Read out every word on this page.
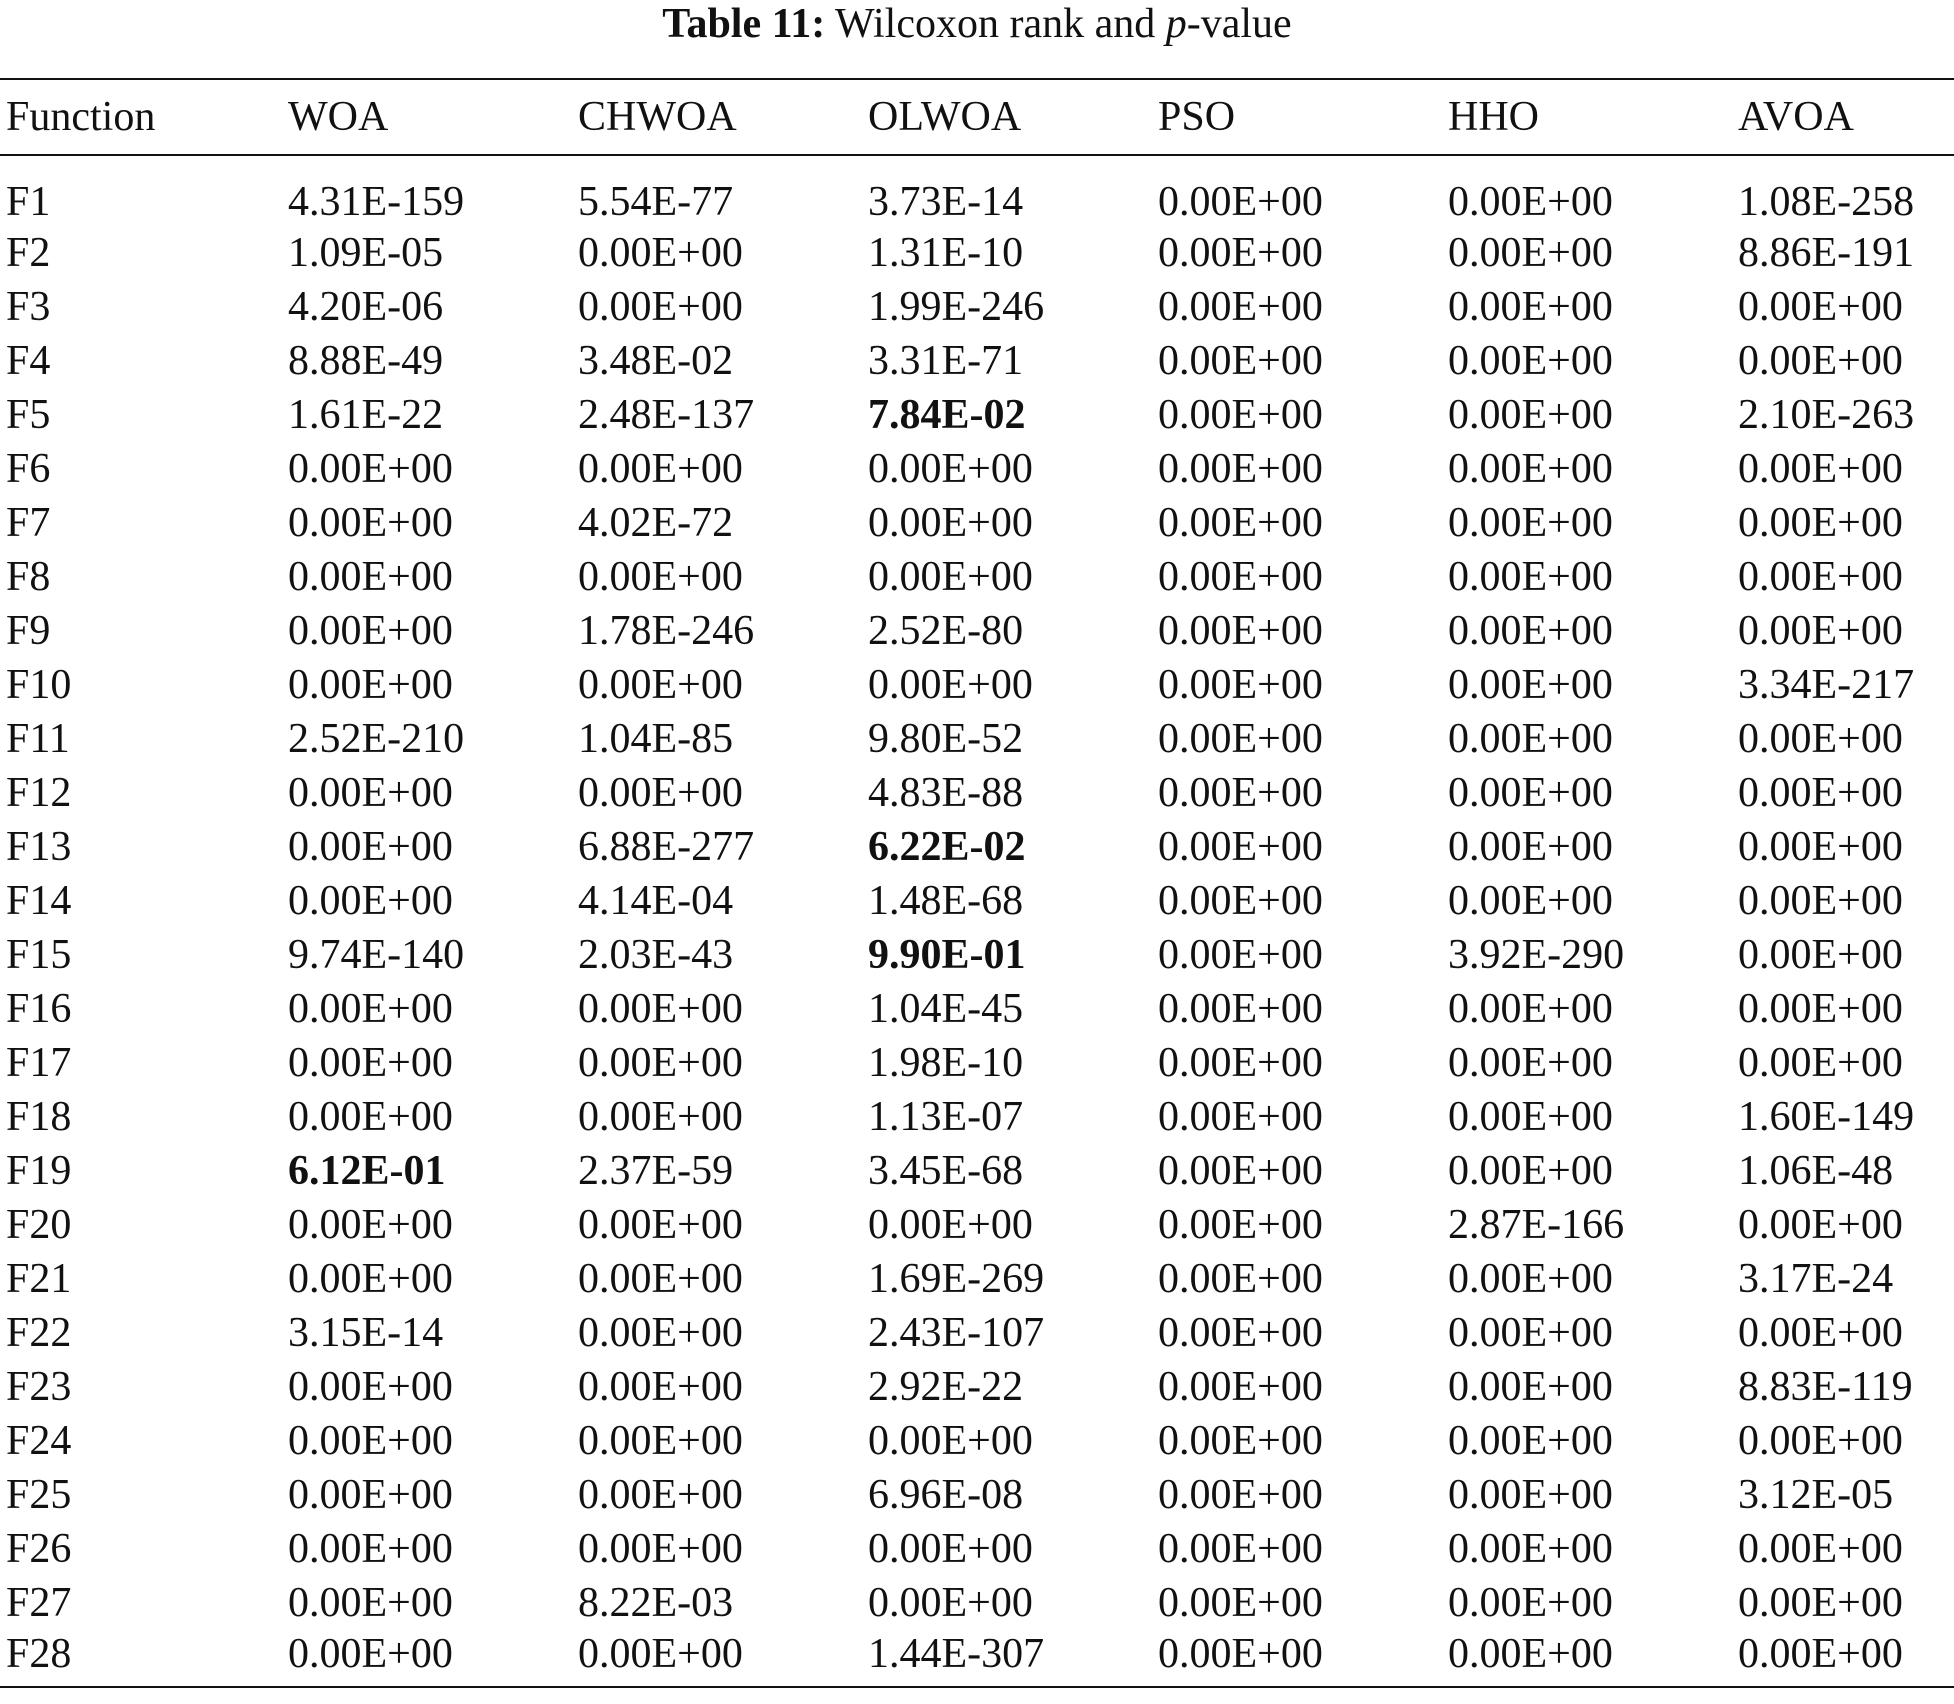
Table 11: Wilcoxon rank and p-value
Function	WOA	CHWOA	OLWOA	PSO	HHO	AVOA
F1	4.31E-159	5.54E-77	3.73E-14	0.00E+00	0.00E+00	1.08E-258
F2	1.09E-05	0.00E+00	1.31E-10	0.00E+00	0.00E+00	8.86E-191
F3	4.20E-06	0.00E+00	1.99E-246	0.00E+00	0.00E+00	0.00E+00
F4	8.88E-49	3.48E-02	3.31E-71	0.00E+00	0.00E+00	0.00E+00
F5	1.61E-22	2.48E-137	7.84E-02	0.00E+00	0.00E+00	2.10E-263
F6	0.00E+00	0.00E+00	0.00E+00	0.00E+00	0.00E+00	0.00E+00
F7	0.00E+00	4.02E-72	0.00E+00	0.00E+00	0.00E+00	0.00E+00
F8	0.00E+00	0.00E+00	0.00E+00	0.00E+00	0.00E+00	0.00E+00
F9	0.00E+00	1.78E-246	2.52E-80	0.00E+00	0.00E+00	0.00E+00
F10	0.00E+00	0.00E+00	0.00E+00	0.00E+00	0.00E+00	3.34E-217
F11	2.52E-210	1.04E-85	9.80E-52	0.00E+00	0.00E+00	0.00E+00
F12	0.00E+00	0.00E+00	4.83E-88	0.00E+00	0.00E+00	0.00E+00
F13	0.00E+00	6.88E-277	6.22E-02	0.00E+00	0.00E+00	0.00E+00
F14	0.00E+00	4.14E-04	1.48E-68	0.00E+00	0.00E+00	0.00E+00
F15	9.74E-140	2.03E-43	9.90E-01	0.00E+00	3.92E-290	0.00E+00
F16	0.00E+00	0.00E+00	1.04E-45	0.00E+00	0.00E+00	0.00E+00
F17	0.00E+00	0.00E+00	1.98E-10	0.00E+00	0.00E+00	0.00E+00
F18	0.00E+00	0.00E+00	1.13E-07	0.00E+00	0.00E+00	1.60E-149
F19	6.12E-01	2.37E-59	3.45E-68	0.00E+00	0.00E+00	1.06E-48
F20	0.00E+00	0.00E+00	0.00E+00	0.00E+00	2.87E-166	0.00E+00
F21	0.00E+00	0.00E+00	1.69E-269	0.00E+00	0.00E+00	3.17E-24
F22	3.15E-14	0.00E+00	2.43E-107	0.00E+00	0.00E+00	0.00E+00
F23	0.00E+00	0.00E+00	2.92E-22	0.00E+00	0.00E+00	8.83E-119
F24	0.00E+00	0.00E+00	0.00E+00	0.00E+00	0.00E+00	0.00E+00
F25	0.00E+00	0.00E+00	6.96E-08	0.00E+00	0.00E+00	3.12E-05
F26	0.00E+00	0.00E+00	0.00E+00	0.00E+00	0.00E+00	0.00E+00
F27	0.00E+00	8.22E-03	0.00E+00	0.00E+00	0.00E+00	0.00E+00
F28	0.00E+00	0.00E+00	1.44E-307	0.00E+00	0.00E+00	0.00E+00
